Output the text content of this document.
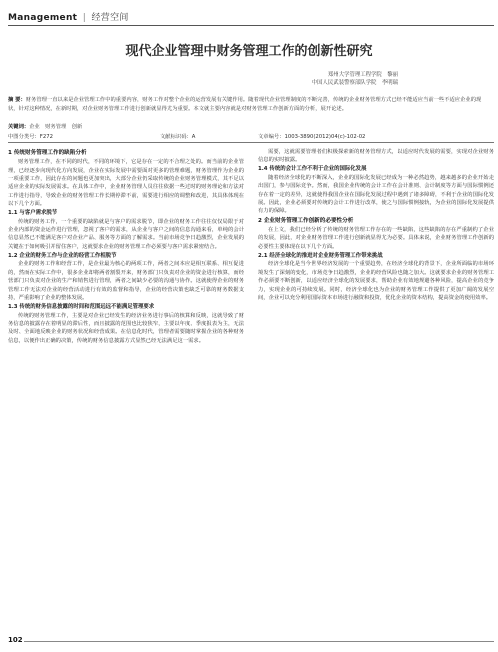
Management | 经营空间
现代企业管理中财务管理工作的创新性研究
郑州大学管理工程学院　黎丽
中国人民武装警察部队学院　李明瑞
摘 要：财务管理一直以来是企业管理工作中的重要内容，财务工作对整个企业的运营发展有关键作用。随着现代企业管理制度的不断完善，传统的企业财务管理方式已经不能适应当前一些不适应企业的现状，针对这种情况，在新时期，对企业财务管理工作进行创新就显得尤为重要。本文就主要内容就是对财务管理工作创新方面的分析，展开论述。
关键词：企业　财务管理　创新
中图分类号：F272	文献标识码：A	文章编号：1003-3890(2012)04(c)-102-02
1 传统财务管理工作的缺陷分析

财务管理工作，在不同的时代，不同的环境下，它是存在一定的不合理之处的。而当前的企业管理，已经逐步向现代化方向发展，企业在实际发展中需要面对更多的管理难题，财务管理作为企业的一项重要工作，因此存在的问题也更加突出，大部分企业仍采取传统的企业财务管理模式，其不足以适应企业的实际发展需求。在具体工作中，企业财务管理人员往往依据一些过时的财务理论和方法对工作进行指导，导致企业的财务管理工作长期停滞不前，需要进行相应的调整和改进，其具体体现在以下几个方面。

1.1 与客户需求脱节

传统的财务工作，一个重要的缺陷就是与客户的需求脱节，即企业的财务工作往往仅仅局限于对企业内部的资金运作进行管理，忽视了客户的需求，从企业与客户之间的信息沟通来看，单纯的会计信息显然已不能满足客户对企业产品、服务等方面的了解需求。当前市场竞争日趋激烈，企业发展的关键在于如何吸引并留住客户，这就要求企业的财务管理工作必须要与客户需求紧密结合。

1.2 企业的财务工作与企业的经营工作相脱节

企业的财务工作和经营工作，是企业最为核心的两项工作，两者之间本应是相互联系、相互促进的，然而在实际工作中，很多企业却将两者割裂开来，财务部门只负责对企业的资金进行核算，而经营部门只负责对企业的生产和销售进行管理，两者之间缺少必要的沟通与协作。这就使得企业的财务管理工作无法对企业的经营活动进行有效的监督和指导，企业的经营决策也缺乏可靠的财务数据支持，严重影响了企业的整体发展。

1.3 传统的财务信息披露的时间和范围远远不能满足管理要求

传统的财务管理工作，主要是对企业已经发生的经济业务进行事后的核算和反映，这就导致了财务信息的披露存在着明显的滞后性，而且披露的范围也比较狭窄，主要以年度、季度报表为主，无法及时、全面地反映企业的财务状况和经营成果。在信息化时代，管理者需要随时掌握企业的各种财务信息，以便作出正确的决策，传统的财务信息披露方式显然已经无法满足这一需求。

需要，这就需要管理者们积极探索新的财务管理方式，以适应时代发展的需要，实现对企业财务信息的实时披露。

1.4 传统的会计工作不利于企业的国际化发展

随着经济全球化的不断深入，企业的国际化发展已经成为一种必然趋势，越来越多的企业开始走出国门，参与国际竞争。然而，我国企业传统的会计工作在会计准则、会计制度等方面与国际惯例还存在着一定的差异，这就使得我国企业在国际化发展过程中遇到了诸多障碍，不利于企业的国际化发展。因此，企业必须要对传统的会计工作进行改革，使之与国际惯例接轨，为企业的国际化发展提供有力的保障。

2 企业财务管理工作创新的必要性分析

在上文，我们已经分析了传统的财务管理工作存在的一些缺陷，这些缺陷的存在严重制约了企业的发展，因此，对企业财务管理工作进行创新就显得尤为必要。具体来说，企业财务管理工作创新的必要性主要体现在以下几个方面。

2.1 经济全球化的推进对企业财务管理工作带来挑战

经济全球化是当今世界经济发展的一个重要趋势，在经济全球化的背景下，企业所面临的市场环境发生了深刻的变化，市场竞争日趋激烈，企业的经营风险也随之加大。这就要求企业的财务管理工作必须要不断创新，以适应经济全球化的发展要求，帮助企业有效地规避各种风险，提高企业的竞争力，实现企业的可持续发展。同时，经济全球化也为企业的财务管理工作提供了更加广阔的发展空间，企业可以充分利用国际资本市场进行融资和投资，优化企业的资本结构，提高资金的使用效率。

102
